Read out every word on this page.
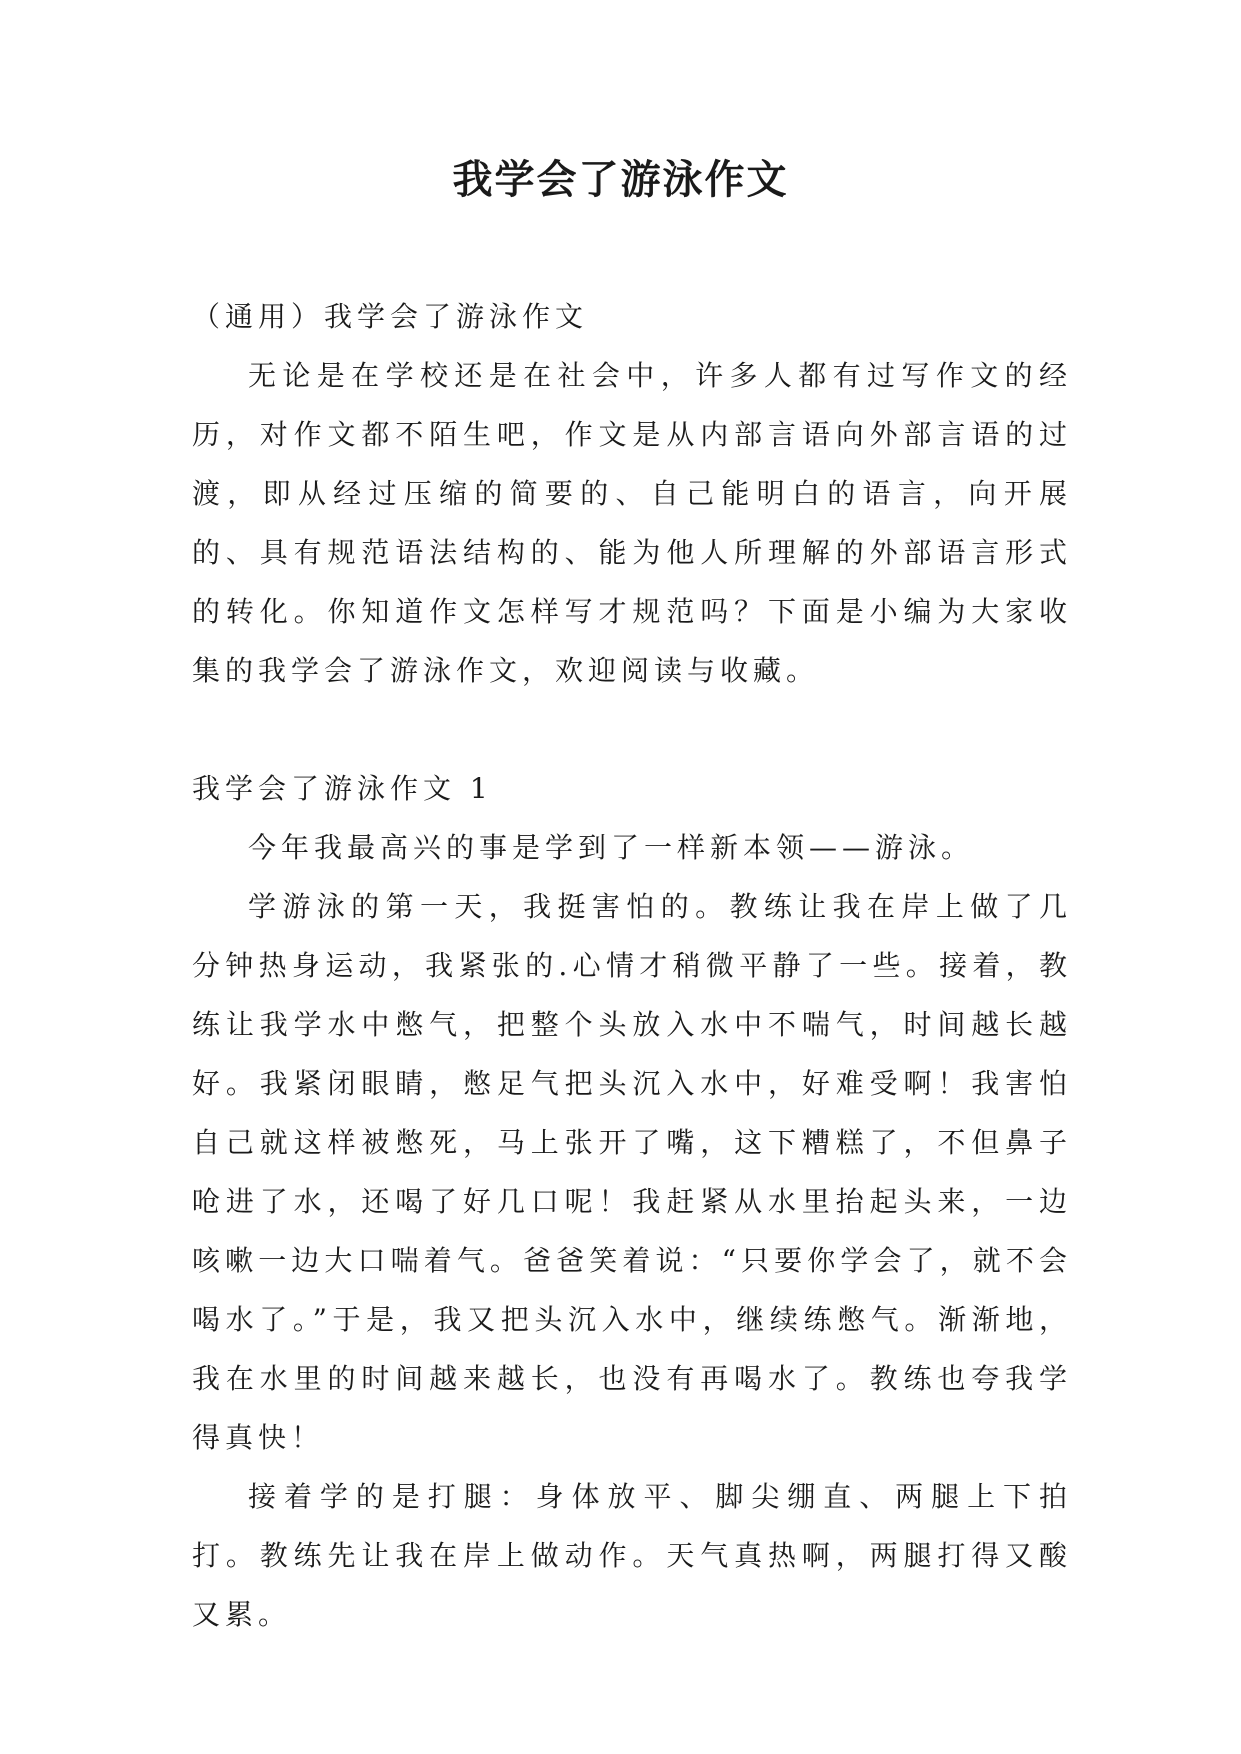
我学会了游泳作文

（通用）我学会了游泳作文

无论是在学校还是在社会中，许多人都有过写作文的经历，对作文都不陌生吧，作文是从内部言语向外部言语的过渡，即从经过压缩的简要的、自己能明白的语言，向开展的、具有规范语法结构的、能为他人所理解的外部语言形式的转化。你知道作文怎样写才规范吗？下面是小编为大家收集的我学会了游泳作文，欢迎阅读与收藏。

我学会了游泳作文 1

今年我最高兴的事是学到了一样新本领——游泳。

学游泳的第一天，我挺害怕的。教练让我在岸上做了几分钟热身运动，我紧张的.心情才稍微平静了一些。接着，教练让我学水中憋气，把整个头放入水中不喘气，时间越长越好。我紧闭眼睛，憋足气把头沉入水中，好难受啊！我害怕自己就这样被憋死，马上张开了嘴，这下糟糕了，不但鼻子呛进了水，还喝了好几口呢！我赶紧从水里抬起头来，一边咳嗽一边大口喘着气。爸爸笑着说：“只要你学会了，就不会喝水了。”于是，我又把头沉入水中，继续练憋气。渐渐地，我在水里的时间越来越长，也没有再喝水了。教练也夸我学得真快！

接着学的是打腿：身体放平、脚尖绷直、两腿上下拍打。教练先让我在岸上做动作。天气真热啊，两腿打得又酸又累。
